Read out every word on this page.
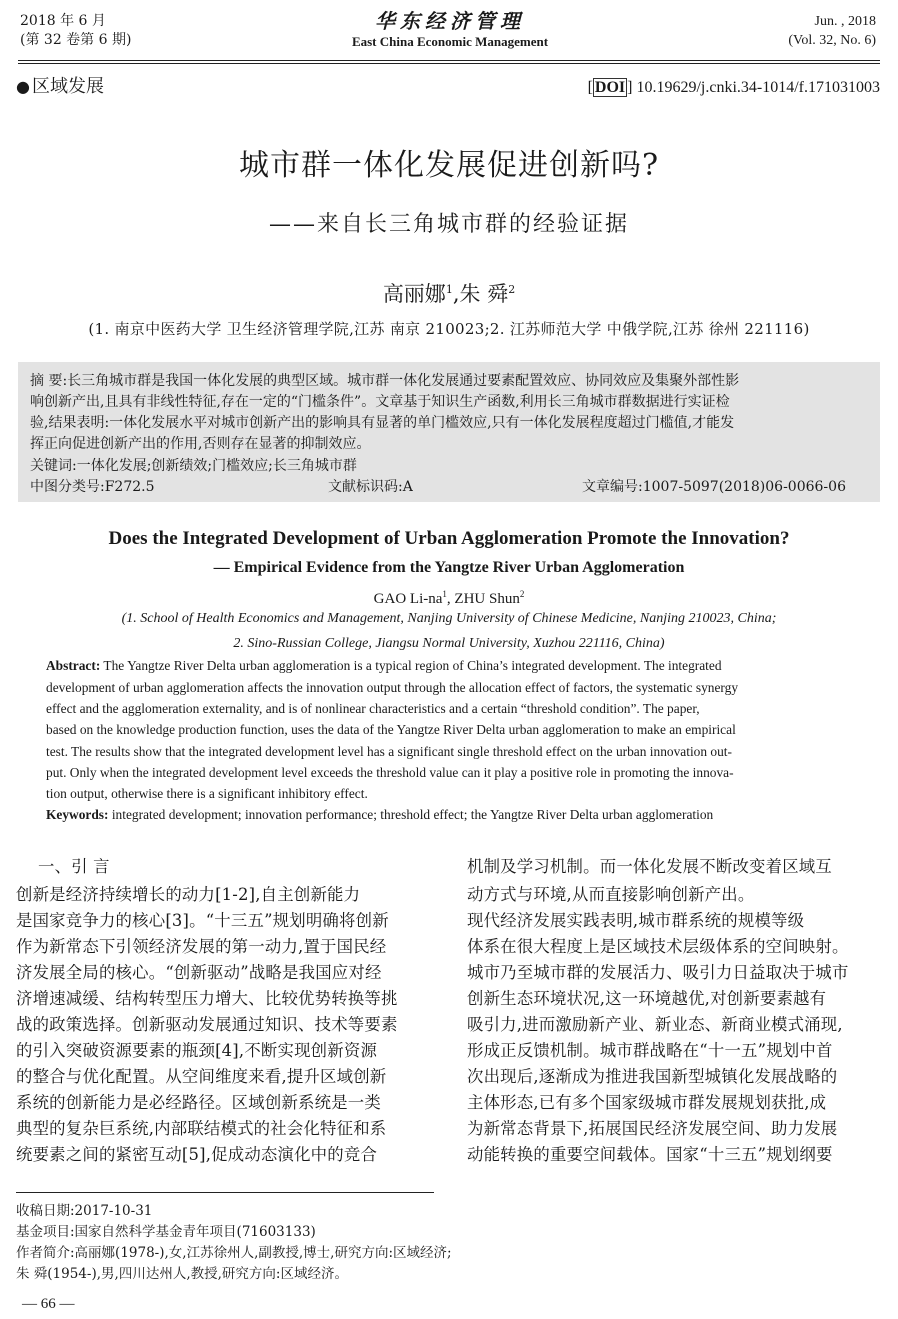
2018 年 6 月
(第 32 卷第 6 期)
华东经济管理
East China Economic Management
Jun. , 2018
(Vol. 32, No. 6)
● 区域发展	[ DOI ] 10.19629/j.cnki.34-1014/f.171031003
城市群一体化发展促进创新吗?
——来自长三角城市群的经验证据
高丽娜$^1$,朱 舜$^2$
(1. 南京中医药大学 卫生经济管理学院,江苏 南京 210023;2. 江苏师范大学 中俄学院,江苏 徐州 221116)
摘 要:长三角城市群是我国一体化发展的典型区域。城市群一体化发展通过要素配置效应、协同效应及集聚外部性影
响创新产出,且具有非线性特征,存在一定的“门槛条件”。文章基于知识生产函数,利用长三角城市群数据进行实证检
验,结果表明:一体化发展水平对城市创新产出的影响具有显著的单门槛效应,只有一体化发展程度超过门槛值,才能发
挥正向促进创新产出的作用,否则存在显著的抑制效应。
关键词:一体化发展;创新绩效;门槛效应;长三角城市群
中图分类号:F272.5	文献标识码:A	文章编号:1007-5097(2018)06-0066-06
Does the Integrated Development of Urban Agglomeration Promote the Innovation?
— Empirical Evidence from the Yangtze River Urban Agglomeration
GAO $Li-na^1$, ZHU Shun$^2$
(1. School of Health Economics and Management, Nanjing University of Chinese Medicine, Nanjing 210023, China;
2. Sino-Russian College, Jiangsu Normal University, Xuzhou 221116, China)
Abstract: The Yangtze River Delta urban agglomeration is a typical region of China’s integrated development. The integrated
development of urban agglomeration affects the innovation output through the allocation effect of factors, the systematic synergy
effect and the agglomeration externality, and is of nonlinear characteristics and a certain “threshold condition”. The paper,
based on the knowledge production function, uses the data of the Yangtze River Delta urban agglomeration to make an empirical
test. The results show that the integrated development level has a significant single threshold effect on the urban innovation out-
put. Only when the integrated development level exceeds the threshold value can it play a positive role in promoting the innova-
tion output, otherwise there is a significant inhibitory effect.
Keywords: integrated development; innovation performance; threshold effect; the Yangtze River Delta urban agglomeration
一、引 言
创新是经济持续增长的动力[1-2],自主创新能力
是国家竞争力的核心[3]。“十三五”规划明确将创新
作为新常态下引领经济发展的第一动力,置于国民经
济发展全局的核心。“创新驱动”战略是我国应对经
济增速减缓、结构转型压力增大、比较优势转换等挑
战的政策选择。创新驱动发展通过知识、技术等要素
的引入突破资源要素的瓶颈[4],不断实现创新资源
的整合与优化配置。从空间维度来看,提升区域创新
系统的创新能力是必经路径。区域创新系统是一类
典型的复杂巨系统,内部联结模式的社会化特征和系
统要素之间的紧密互动[5],促成动态演化中的竞合
机制及学习机制。而一体化发展不断改变着区域互
动方式与环境,从而直接影响创新产出。
现代经济发展实践表明,城市群系统的规模等级
体系在很大程度上是区域技术层级体系的空间映射。
城市乃至城市群的发展活力、吸引力日益取决于城市
创新生态环境状况,这一环境越优,对创新要素越有
吸引力,进而激励新产业、新业态、新商业模式涌现,
形成正反馈机制。城市群战略在“十一五”规划中首
次出现后,逐渐成为推进我国新型城镇化发展战略的
主体形态,已有多个国家级城市群发展规划获批,成
为新常态背景下,拓展国民经济发展空间、助力发展
动能转换的重要空间载体。国家“十三五”规划纲要
收稿日期:2017-10-31
基金项目:国家自然科学基金青年项目(71603133)
作者简介:高丽娜(1978-),女,江苏徐州人,副教授,博士,研究方向:区域经济;
朱 舜(1954-),男,四川达州人,教授,研究方向:区域经济。
— 66 —
